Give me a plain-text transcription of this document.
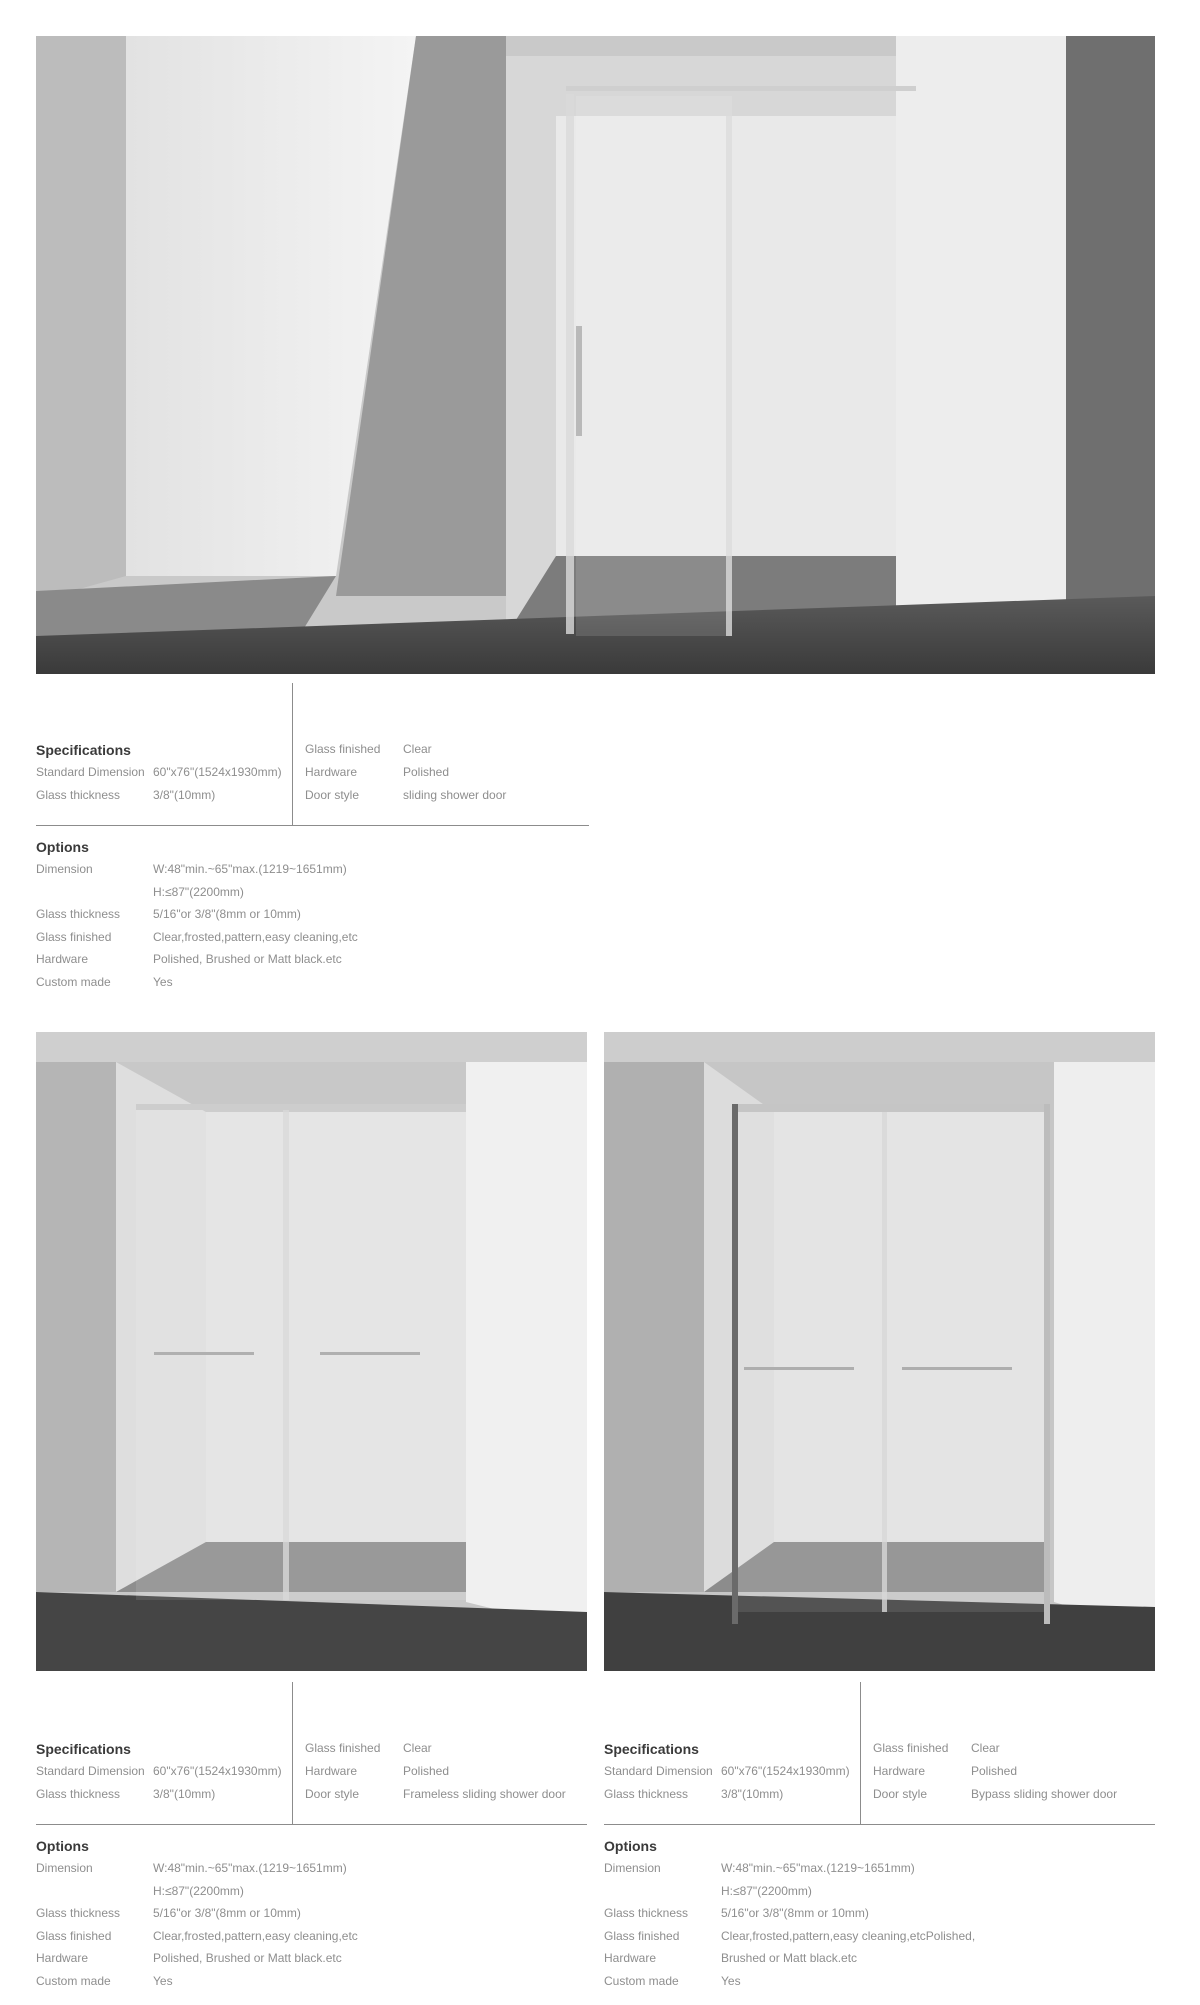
Specifications
Standard Dimension 60"x76"(1524x1930mm)
Glass thickness	3/8"(10mm)
Glass finished Clear
Hardware	Polished
Door style	sliding shower door
Options
Dimension	W:48"min.~65"max.(1219~1651mm)
H:≤87"(2200mm)
Glass thickness	5/16"or 3/8"(8mm or 10mm)
Glass finished	Clear,frosted,pattern,easy cleaning,etc
Hardware	Polished, Brushed or Matt black.etc
Custom made	Yes
Specifications
Standard Dimension 60"x76"(1524x1930mm)
Glass thickness	3/8"(10mm)
Glass finished Clear
Hardware	Polished
Door style	Frameless sliding shower door
Options
Dimension	W:48"min.~65"max.(1219~1651mm)
H:≤87"(2200mm)
Glass thickness	5/16"or 3/8"(8mm or 10mm)
Glass finished	Clear,frosted,pattern,easy cleaning,etc
Hardware	Polished, Brushed or Matt black.etc
Custom made	Yes
Specifications
Standard Dimension 60"x76"(1524x1930mm)
Glass thickness	3/8"(10mm)
Glass finished Clear
Hardware	Polished
Door style	Bypass sliding shower door
Options
Dimension	W:48"min.~65"max.(1219~1651mm)
H:≤87"(2200mm)
Glass thickness	5/16"or 3/8"(8mm or 10mm)
Glass finished	Clear,frosted,pattern,easy cleaning,etcPolished,
Hardware	Brushed or Matt black.etc
Custom made	Yes
